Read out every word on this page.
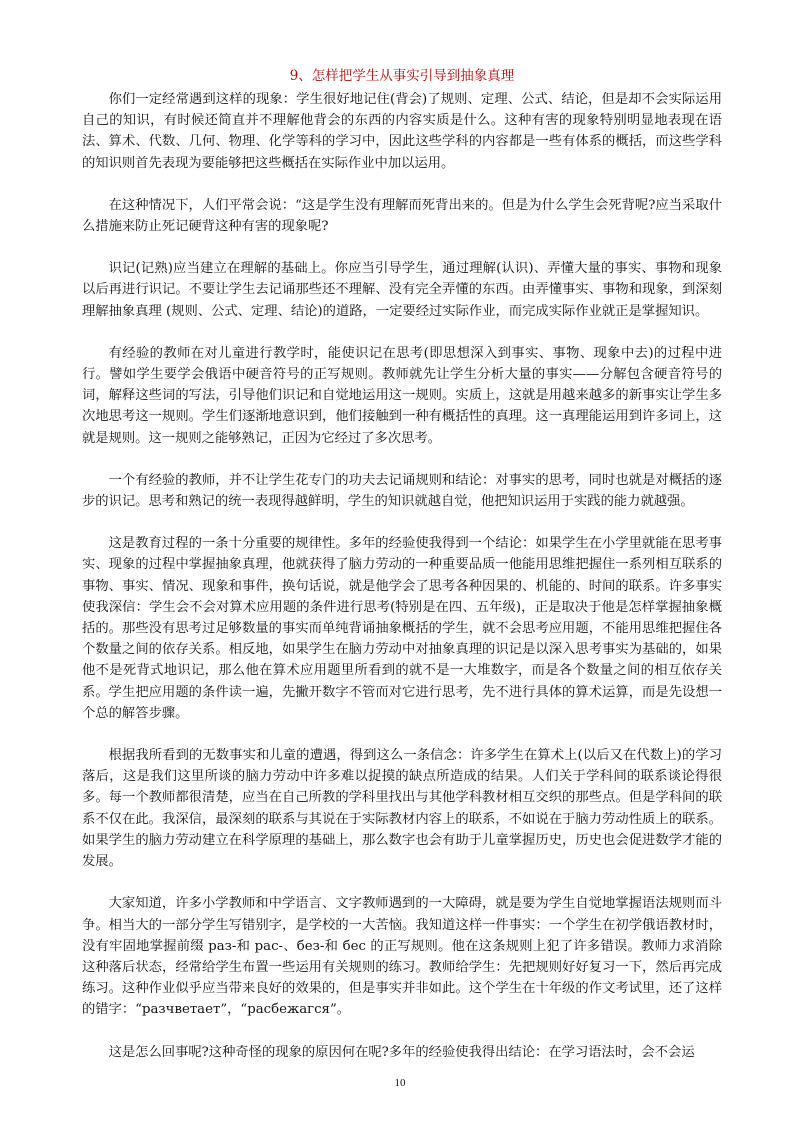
9、怎样把学生从事实引导到抽象真理

你们一定经常遇到这样的现象：学生很好地记住(背会)了规则、定理、公式、结论，但是却不会实际运用自己的知识，有时候还简直并不理解他背会的东西的内容实质是什么。这种有害的现象特别明显地表现在语法、算术、代数、几何、物理、化学等科的学习中，因此这些学科的内容都是一些有体系的概括，而这些学科的知识则首先表现为要能够把这些概括在实际作业中加以运用。

在这种情况下，人们平常会说：“这是学生没有理解而死背出来的。但是为什么学生会死背呢?应当采取什么措施来防止死记硬背这种有害的现象呢?

识记(记熟)应当建立在理解的基础上。你应当引导学生，通过理解(认识)、弄懂大量的事实、事物和现象以后再进行识记。不要让学生去记诵那些还不理解、没有完全弄懂的东西。由弄懂事实、事物和现象，到深刻理解抽象真理 (规则、公式、定理、结论)的道路，一定要经过实际作业，而完成实际作业就正是掌握知识。

有经验的教师在对儿童进行教学时，能使识记在思考(即思想深入到事实、事物、现象中去)的过程中进行。譬如学生要学会俄语中硬音符号的正写规则。教师就先让学生分析大量的事实——分解包含硬音符号的词，解释这些词的写法，引导他们识记和自觉地运用这一规则。实质上，这就是用越来越多的新事实让学生多次地思考这一规则。学生们逐渐地意识到，他们接触到一种有概括性的真理。这一真理能运用到许多词上，这就是规则。这一规则之能够熟记，正因为它经过了多次思考。

一个有经验的教师，并不让学生花专门的功夫去记诵规则和结论：对事实的思考，同时也就是对概括的逐步的识记。思考和熟记的统一表现得越鲜明，学生的知识就越自觉，他把知识运用于实践的能力就越强。

这是教育过程的一条十分重要的规律性。多年的经验使我得到一个结论：如果学生在小学里就能在思考事实、现象的过程中掌握抽象真理，他就获得了脑力劳动的一种重要品质一他能用思维把握住一系列相互联系的事物、事实、情况、现象和事件，换句话说，就是他学会了思考各种因果的、机能的、时间的联系。许多事实使我深信：学生会不会对算术应用题的条件进行思考(特别是在四、五年级)，正是取决于他是怎样掌握抽象概括的。那些没有思考过足够数量的事实而单纯背诵抽象概括的学生，就不会思考应用题，不能用思维把握住各个数量之间的依存关系。相反地，如果学生在脑力劳动中对抽象真理的识记是以深入思考事实为基础的，如果他不是死背式地识记，那么他在算术应用题里所看到的就不是一大堆数字，而是各个数量之间的相互依存关系。学生把应用题的条件读一遍，先撇开数字不管而对它进行思考，先不进行具体的算术运算，而是先设想一个总的解答步骤。

根据我所看到的无数事实和儿童的遭遇，得到这么一条信念：许多学生在算术上(以后又在代数上)的学习落后，这是我们这里所谈的脑力劳动中许多难以捉摸的缺点所造成的结果。人们关于学科间的联系谈论得很多。每一个教师都很清楚，应当在自己所教的学科里找出与其他学科教材相互交织的那些点。但是学科间的联系不仅在此。我深信，最深刻的联系与其说在于实际教材内容上的联系，不如说在于脑力劳动性质上的联系。如果学生的脑力劳动建立在科学原理的基础上，那么数字也会有助于儿童掌握历史，历史也会促进数学才能的发展。

大家知道，许多小学教师和中学语言、文字教师遇到的一大障碍，就是要为学生自觉地掌握语法规则而斗争。相当大的一部分学生写错别字，是学校的一大苦恼。我知道这样一件事实：一个学生在初学俄语教材时，没有牢固地掌握前缀 раз-和 рас-、без-和 бес 的正写规则。他在这条规则上犯了许多错误。教师力求消除这种落后状态，经常给学生布置一些运用有关规则的练习。教师给学生：先把规则好好复习一下，然后再完成练习。这种作业似乎应当带来良好的效果的，但是事实并非如此。这个学生在十年级的作文考试里，还了这样的错字：“разчветает”，“расбежагся”。

这是怎么回事呢?这种奇怪的现象的原因何在呢?多年的经验使我得出结论：在学习语法时，会不会运

10
